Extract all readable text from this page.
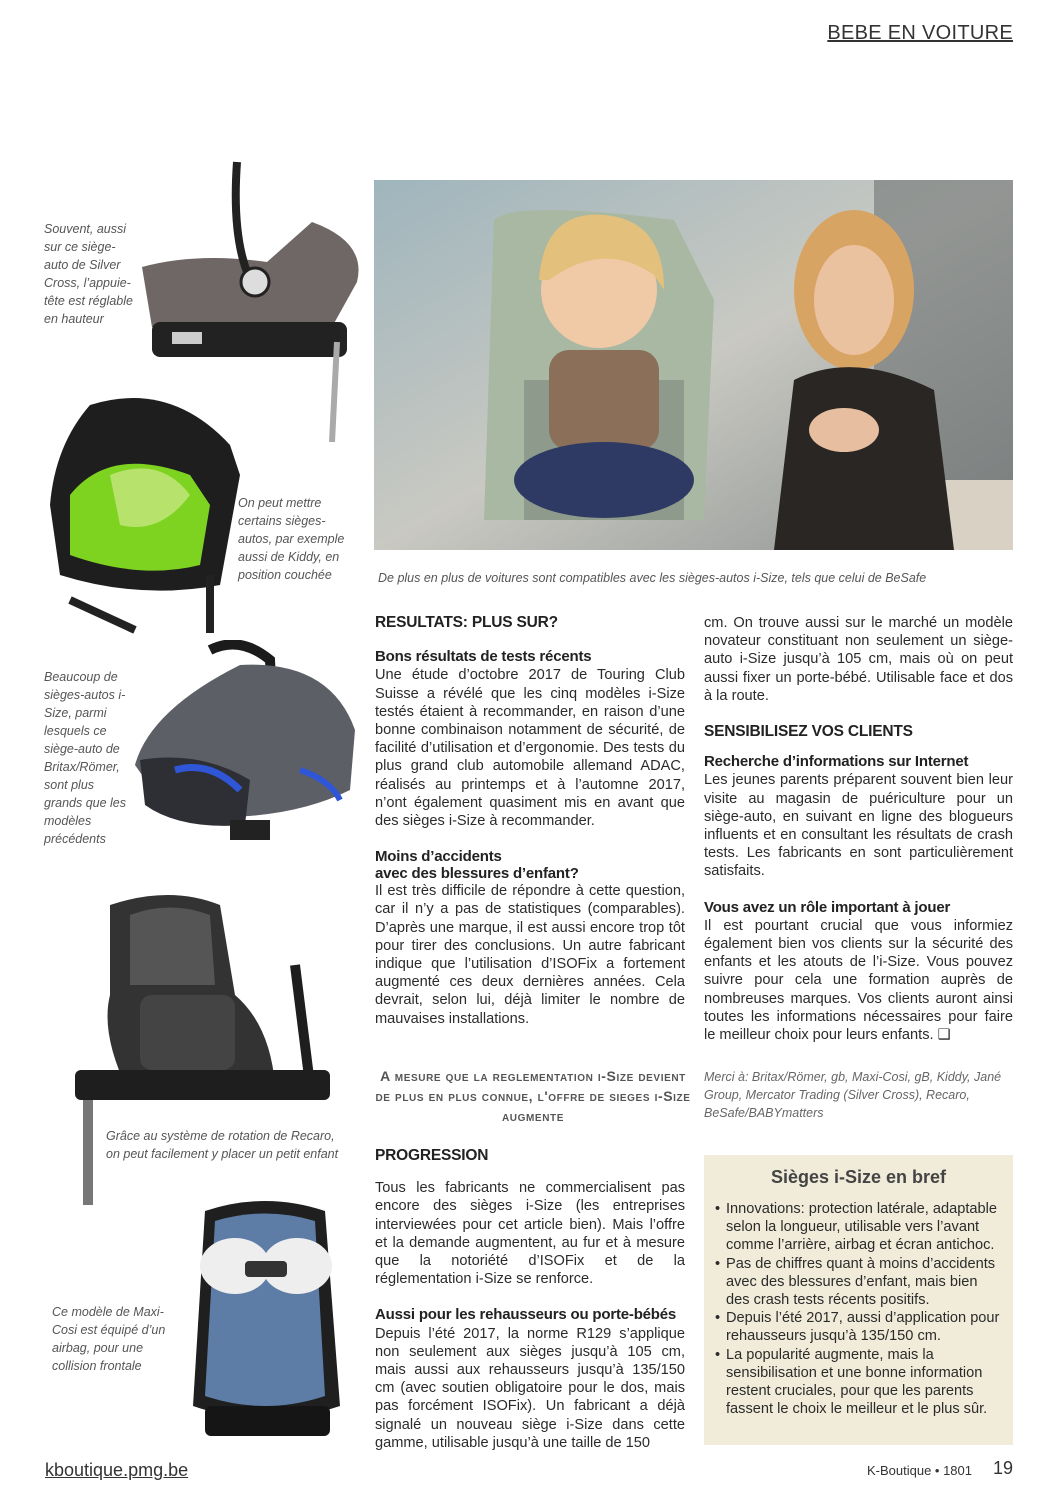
BEBE EN VOITURE
De plus en plus de voitures sont compatibles avec les sièges-autos i-Size, tels que celui de BeSafe
Souvent, aussi sur ce siège-auto de Silver Cross, l’appuie-tête est réglable en hauteur
On peut mettre certains sièges-autos, par exemple aussi de Kiddy, en position couchée
Beaucoup de sièges-autos i-Size, parmi lesquels ce siège-auto de Britax/Römer, sont plus grands que les modèles précédents
Grâce au système de rotation de Recaro, on peut facilement y placer un petit enfant
Ce modèle de Maxi-Cosi est équipé d’un airbag, pour une collision frontale
RESULTATS: PLUS SUR?
Bons résultats de tests récents

Une étude d’octobre 2017 de Touring Club Suisse a révélé que les cinq modèles i-Size testés étaient à recommander, en raison d’une bonne combinaison notamment de sécurité, de facilité d’utilisation et d’ergonomie. Des tests du plus grand club automobile allemand ADAC, réalisés au printemps et à l’automne 2017, n’ont également quasiment mis en avant que des sièges i-Size à recommander.

Moins d’accidents
avec des blessures d’enfant?

Il est très difficile de répondre à cette question, car il n’y a pas de statistiques (comparables). D’après une marque, il est aussi encore trop tôt pour tirer des conclusions. Un autre fabricant indique que l’utilisation d’ISOFix a fortement augmenté ces deux dernières années. Cela devrait, selon lui, déjà limiter le nombre de mauvaises installations.

A mesure que la reglementation i-Size devient de plus en plus connue, l'offre de sieges i-Size augmente
PROGRESSION

Tous les fabricants ne commercialisent pas encore des sièges i-Size (les entreprises interviewées pour cet article bien). Mais l’offre et la demande augmentent, au fur et à mesure que la notoriété d’ISOFix et de la réglementation i-Size se renforce.

Aussi pour les rehausseurs ou porte-bébés

Depuis l’été 2017, la norme R129 s’applique non seulement aux sièges jusqu’à 105 cm, mais aussi aux rehausseurs jusqu’à 135/150 cm (avec soutien obligatoire pour le dos, mais pas forcément ISOFix). Un fabricant a déjà signalé un nouveau siège i-Size dans cette gamme, utilisable jusqu’à une taille de 150

cm. On trouve aussi sur le marché un modèle novateur constituant non seulement un siège-auto i-Size jusqu’à 105 cm, mais où on peut aussi fixer un porte-bébé. Utilisable face et dos à la route.

SENSIBILISEZ VOS CLIENTS
Recherche d’informations sur Internet

Les jeunes parents préparent souvent bien leur visite au magasin de puériculture pour un siège-auto, en suivant en ligne des blogueurs influents et en consultant les résultats de crash tests. Les fabricants en sont particulièrement satisfaits.

Vous avez un rôle important à jouer

Il est pourtant crucial que vous informiez également bien vos clients sur la sécurité des enfants et les atouts de l’i-Size. Vous pouvez suivre pour cela une formation auprès de nombreuses marques. Vos clients auront ainsi toutes les informations nécessaires pour faire le meilleur choix pour leurs enfants. ❑

Merci à: Britax/Römer, gb, Maxi-Cosi, gB, Kiddy, Jané Group, Mercator Trading (Silver Cross), Recaro, BeSafe/BABYmatters
Sièges i-Size en bref
• Innovations: protection latérale, adaptable selon la longueur, utilisable vers l’avant comme l’arrière, airbag et écran antichoc.
• Pas de chiffres quant à moins d’accidents avec des blessures d’enfant, mais bien des crash tests récents positifs.
• Depuis l’été 2017, aussi d’application pour rehausseurs jusqu’à 135/150 cm.
• La popularité augmente, mais la sensibilisation et une bonne information restent cruciales, pour que les parents fassent le choix le meilleur et le plus sûr.
kboutique.pmg.be	K-Boutique • 1801 19
